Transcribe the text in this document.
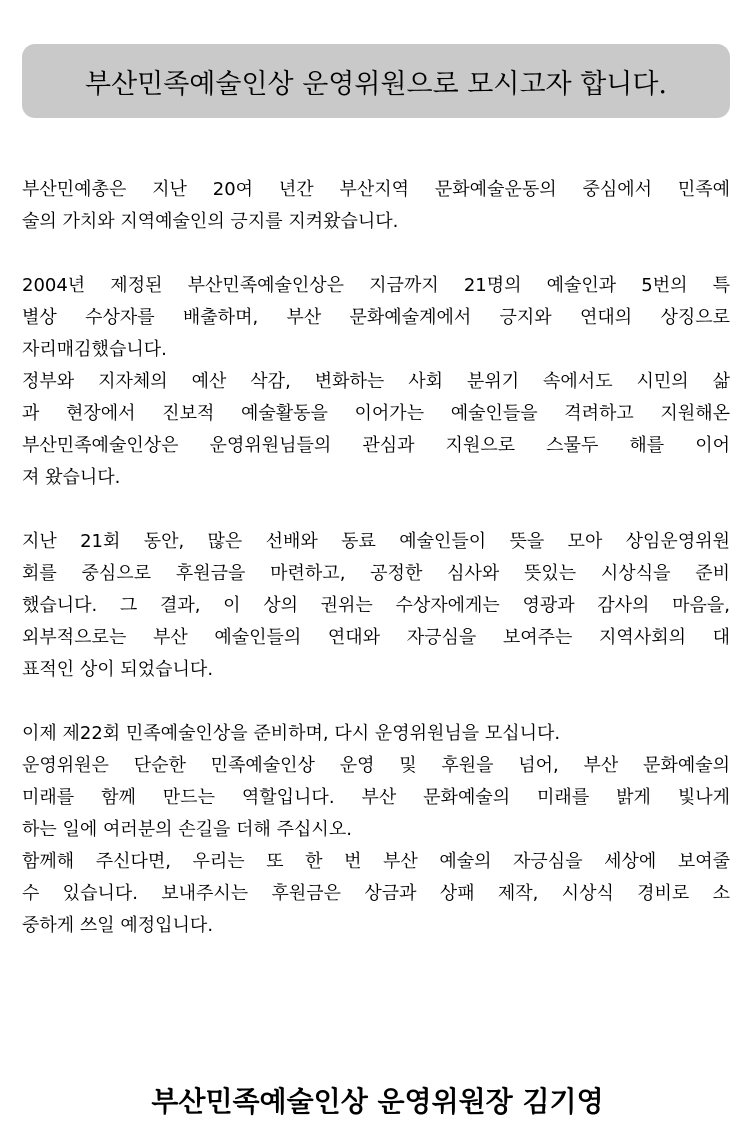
부산민족예술인상 운영위원으로 모시고자 합니다.
부산민예총은 지난 20여 년간 부산지역 문화예술운동의 중심에서 민족예
술의 가치와 지역예술인의 긍지를 지켜왔습니다.
2004년 제정된 부산민족예술인상은 지금까지 21명의 예술인과 5번의 특
별상 수상자를 배출하며, 부산 문화예술계에서 긍지와 연대의 상징으로
자리매김했습니다.
정부와 지자체의 예산 삭감, 변화하는 사회 분위기 속에서도 시민의 삶
과 현장에서 진보적 예술활동을 이어가는 예술인들을 격려하고 지원해온
부산민족예술인상은 운영위원님들의 관심과 지원으로 스물두 해를 이어
져 왔습니다.
지난 21회 동안, 많은 선배와 동료 예술인들이 뜻을 모아 상임운영위원
회를 중심으로 후원금을 마련하고, 공정한 심사와 뜻있는 시상식을 준비
했습니다. 그 결과, 이 상의 권위는 수상자에게는 영광과 감사의 마음을,
외부적으로는 부산 예술인들의 연대와 자긍심을 보여주는 지역사회의 대
표적인 상이 되었습니다.
이제 제22회 민족예술인상을 준비하며, 다시 운영위원님을 모십니다.
운영위원은 단순한 민족예술인상 운영 및 후원을 넘어, 부산 문화예술의
미래를 함께 만드는 역할입니다. 부산 문화예술의 미래를 밝게 빛나게
하는 일에 여러분의 손길을 더해 주십시오.
함께해 주신다면, 우리는 또 한 번 부산 예술의 자긍심을 세상에 보여줄
수 있습니다. 보내주시는 후원금은 상금과 상패 제작, 시상식 경비로 소
중하게 쓰일 예정입니다.
부산민족예술인상 운영위원장 김기영
